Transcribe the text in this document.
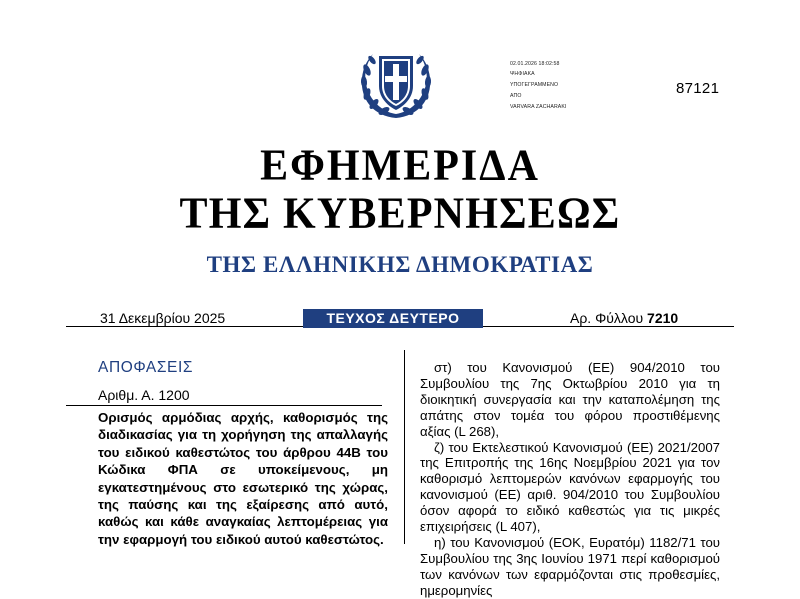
02.01.2026 18:02:58
ΨΗΦΙΑΚΑ
ΥΠΟΓΕΓΡΑΜΜΕΝΟ
ΑΠΟ
VARVARA ZACHARAKI
87121
ΕΦΗΜΕΡΙΔΑ
ΤΗΣ ΚΥΒΕΡΝΗΣΕΩΣ
ΤΗΣ ΕΛΛΗΝΙΚΗΣ ΔΗΜΟΚΡΑΤΙΑΣ
31 Δεκεμβρίου 2025	ΤΕΥΧΟΣ ΔΕΥΤΕΡΟ	Αρ. Φύλλου 7210
ΑΠΟΦΑΣΕΙΣ
Αριθμ. Α. 1200
Ορισμός αρμόδιας αρχής, καθορισμός της διαδικασίας για τη χορήγηση της απαλλαγής του ειδικού καθεστώτος του άρθρου 44Β του Κώδικα ΦΠΑ σε υποκείμενους, μη εγκατεστημένους στο εσωτερικό της χώρας, της παύσης και της εξαίρεσης από αυτό, καθώς και κάθε αναγκαίας λεπτομέρειας για την εφαρμογή του ειδικού αυτού καθεστώτος.

στ) του Κανονισμού (ΕΕ) 904/2010 του Συμβουλίου της 7ης Οκτωβρίου 2010 για τη διοικητική συνεργασία και την καταπολέμηση της απάτης στον τομέα του φόρου προστιθέμενης αξίας (L 268),

ζ) του Εκτελεστικού Κανονισμού (ΕΕ) 2021/2007 της Επιτροπής της 16ης Νοεμβρίου 2021 για τον καθορισμό λεπτομερών κανόνων εφαρμογής του κανονισμού (ΕΕ) αριθ. 904/2010 του Συμβουλίου όσον αφορά το ειδικό καθεστώς για τις μικρές επιχειρήσεις (L 407),

η) του Κανονισμού (ΕΟΚ, Ευρατόμ) 1182/71 του Συμβουλίου της 3ης Ιουνίου 1971 περί καθορισμού των κανόνων των εφαρμόζονται στις προθεσμίες, ημερομηνίες
